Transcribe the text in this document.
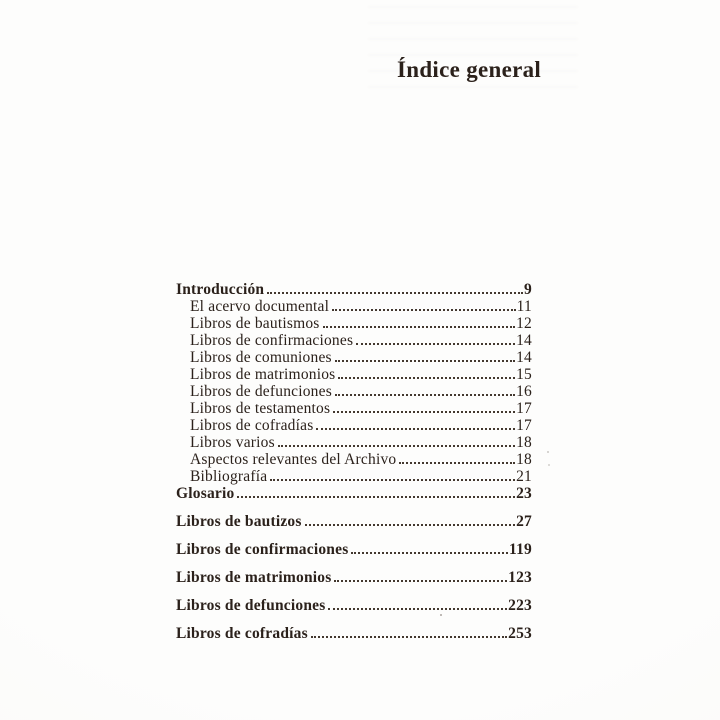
Índice general
Introducción	9
El acervo documental	11
Libros de bautismos	12
Libros de confirmaciones	14
Libros de comuniones	14
Libros de matrimonios	15
Libros de defunciones	16
Libros de testamentos	17
Libros de cofradías	17
Libros varios	18
Aspectos relevantes del Archivo	18
Bibliografía	21
Glosario	23
Libros de bautizos	27
Libros de confirmaciones	119
Libros de matrimonios	123
Libros de defunciones	223
Libros de cofradías	253
